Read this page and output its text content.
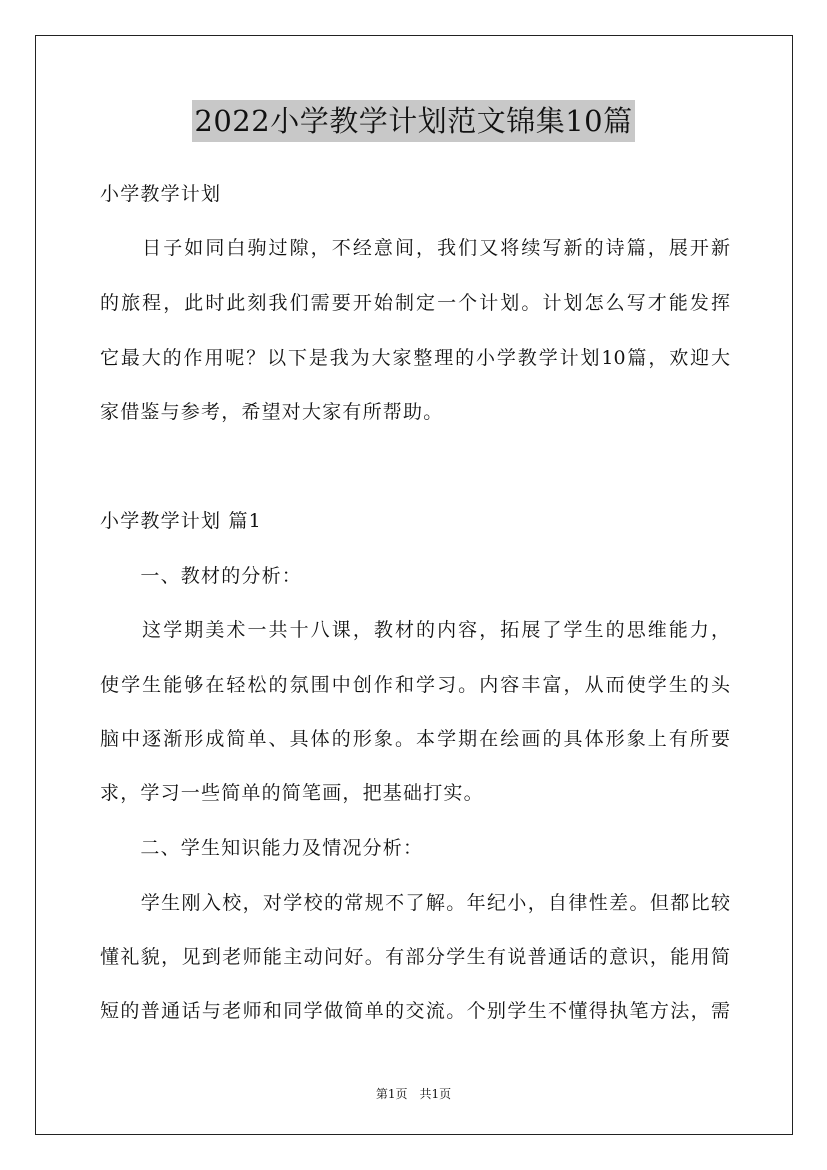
2022小学教学计划范文锦集10篇
小学教学计划
　　日子如同白驹过隙，不经意间，我们又将续写新的诗篇，展开新
的旅程，此时此刻我们需要开始制定一个计划。计划怎么写才能发挥
它最大的作用呢？以下是我为大家整理的小学教学计划10篇，欢迎大
家借鉴与参考，希望对大家有所帮助。
小学教学计划 篇1
　　一、教材的分析：
　　这学期美术一共十八课，教材的内容，拓展了学生的思维能力，
使学生能够在轻松的氛围中创作和学习。内容丰富，从而使学生的头
脑中逐渐形成简单、具体的形象。本学期在绘画的具体形象上有所要
求，学习一些简单的简笔画，把基础打实。
　　二、学生知识能力及情况分析：
　　学生刚入校，对学校的常规不了解。年纪小，自律性差。但都比较
懂礼貌，见到老师能主动问好。有部分学生有说普通话的意识，能用简
短的普通话与老师和同学做简单的交流。个别学生不懂得执笔方法，需
第1页　共1页
